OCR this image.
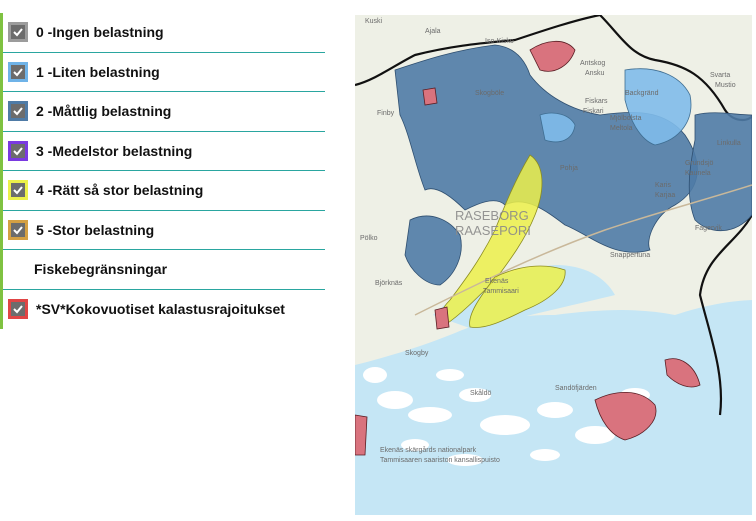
0 -Ingen belastning
1 -Liten belastning
2 -Måttlig belastning
3 -Medelstor belastning
4 -Rätt så stor belastning
5 -Stor belastning
Fiskebegränsningar
*SV*Kokovuotiset kalastusrajoitukset
Kuski
Ajala
Iso-Kisko
Antskog
Ansku
Skogböle
Fiskars
Fiskari
Svarta
Mustio
Backgränd
Finby
Mjölbolsta
Meltola
Linkulla
Grundsjö
Kaunela
Pohja
Karis
Karjaa
Fagervik
Pölko
Snappertuna
Björknäs	Ekenäs
Tammisaari
Skogby
Skåldö
Sandöfjärden
Ekenäs skärgårds nationalpark
Tammisaaren saariston kansallispuisto
RASEBORG
RAASEPORI
